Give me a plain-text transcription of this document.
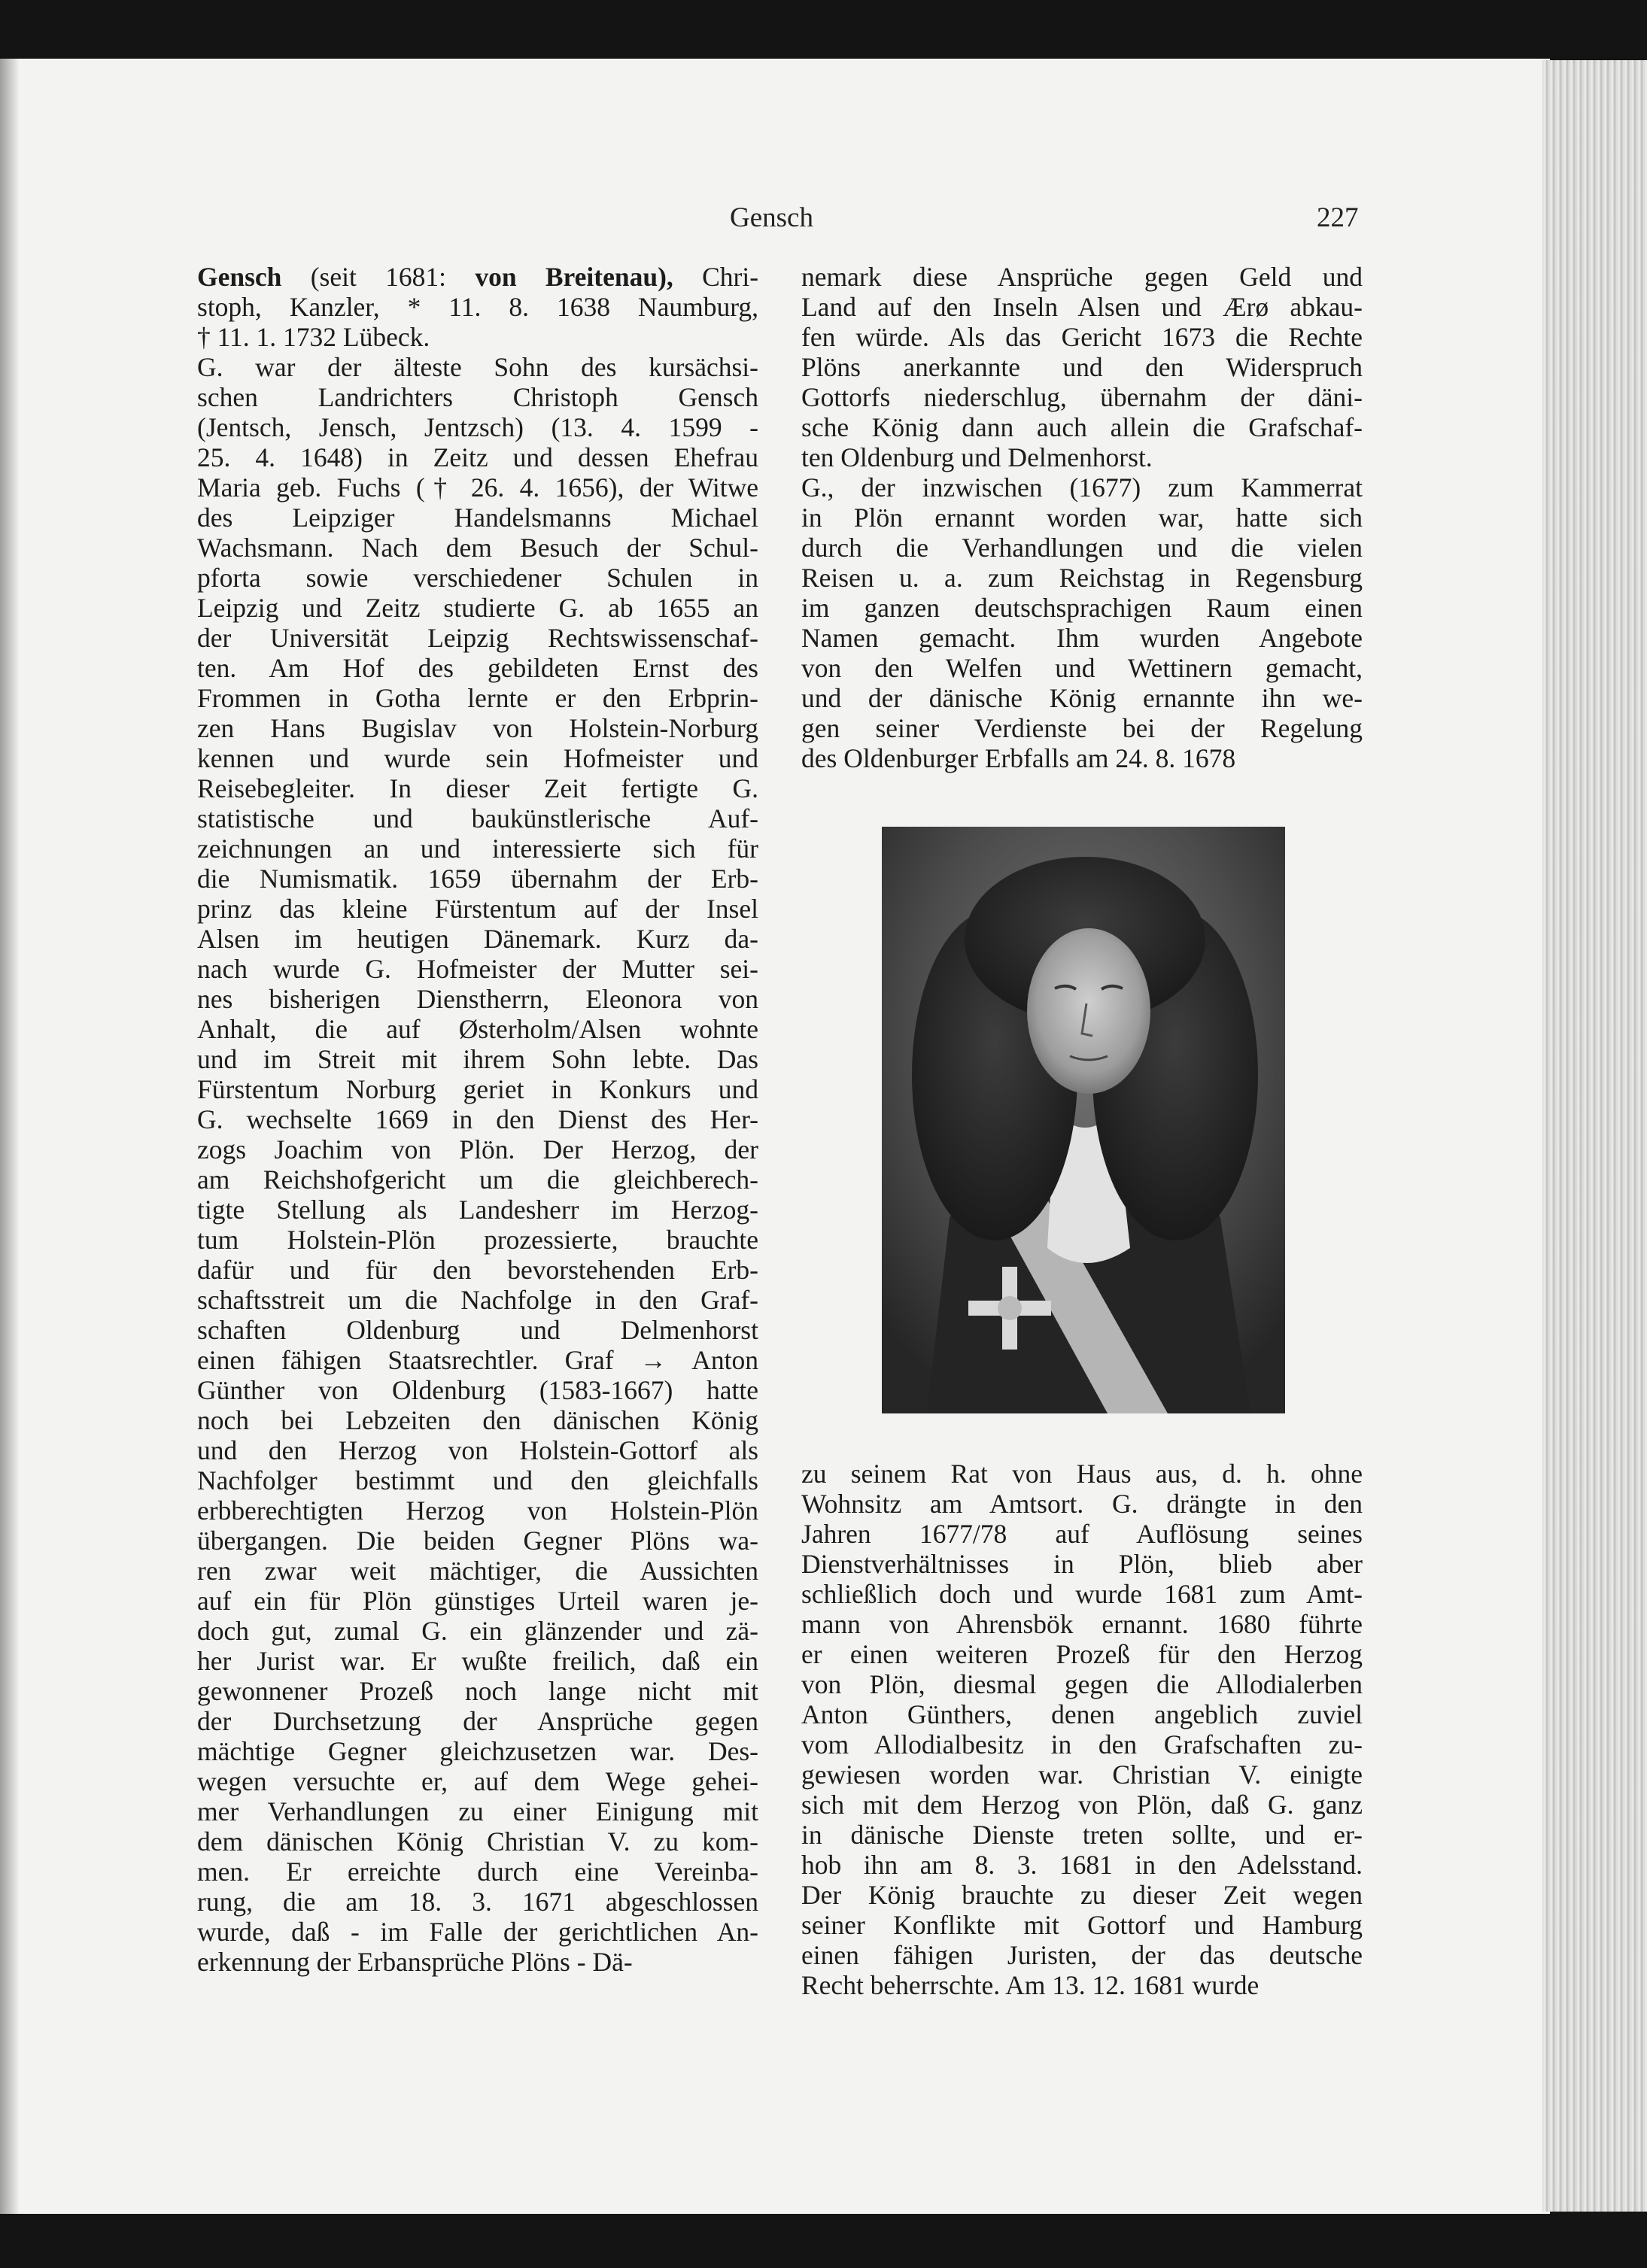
Gensch	227
Gensch (seit 1681: von Breitenau), Chri-
stoph, Kanzler, * 11. 8. 1638 Naumburg,
† 11. 1. 1732 Lübeck.
G. war der älteste Sohn des kursächsi-
schen Landrichters Christoph Gensch
(Jentsch, Jensch, Jentzsch) (13. 4. 1599 -
25. 4. 1648) in Zeitz und dessen Ehefrau
Maria geb. Fuchs († 26. 4. 1656), der Witwe
des Leipziger Handelsmanns Michael
Wachsmann. Nach dem Besuch der Schul-
pforta sowie verschiedener Schulen in
Leipzig und Zeitz studierte G. ab 1655 an
der Universität Leipzig Rechtswissenschaf-
ten. Am Hof des gebildeten Ernst des
Frommen in Gotha lernte er den Erbprin-
zen Hans Bugislav von Holstein-Norburg
kennen und wurde sein Hofmeister und
Reisebegleiter. In dieser Zeit fertigte G.
statistische und baukünstlerische Auf-
zeichnungen an und interessierte sich für
die Numismatik. 1659 übernahm der Erb-
prinz das kleine Fürstentum auf der Insel
Alsen im heutigen Dänemark. Kurz da-
nach wurde G. Hofmeister der Mutter sei-
nes bisherigen Dienstherrn, Eleonora von
Anhalt, die auf Østerholm/Alsen wohnte
und im Streit mit ihrem Sohn lebte. Das
Fürstentum Norburg geriet in Konkurs und
G. wechselte 1669 in den Dienst des Her-
zogs Joachim von Plön. Der Herzog, der
am Reichshofgericht um die gleichberech-
tigte Stellung als Landesherr im Herzog-
tum Holstein-Plön prozessierte, brauchte
dafür und für den bevorstehenden Erb-
schaftsstreit um die Nachfolge in den Graf-
schaften Oldenburg und Delmenhorst
einen fähigen Staatsrechtler. Graf → Anton
Günther von Oldenburg (1583-1667) hatte
noch bei Lebzeiten den dänischen König
und den Herzog von Holstein-Gottorf als
Nachfolger bestimmt und den gleichfalls
erbberechtigten Herzog von Holstein-Plön
übergangen. Die beiden Gegner Plöns wa-
ren zwar weit mächtiger, die Aussichten
auf ein für Plön günstiges Urteil waren je-
doch gut, zumal G. ein glänzender und zä-
her Jurist war. Er wußte freilich, daß ein
gewonnener Prozeß noch lange nicht mit
der Durchsetzung der Ansprüche gegen
mächtige Gegner gleichzusetzen war. Des-
wegen versuchte er, auf dem Wege gehei-
mer Verhandlungen zu einer Einigung mit
dem dänischen König Christian V. zu kom-
men. Er erreichte durch eine Vereinba-
rung, die am 18. 3. 1671 abgeschlossen
wurde, daß - im Falle der gerichtlichen An-
erkennung der Erbansprüche Plöns - Dä-
nemark diese Ansprüche gegen Geld und
Land auf den Inseln Alsen und Ærø abkau-
fen würde. Als das Gericht 1673 die Rechte
Plöns anerkannte und den Widerspruch
Gottorfs niederschlug, übernahm der däni-
sche König dann auch allein die Grafschaf-
ten Oldenburg und Delmenhorst.
G., der inzwischen (1677) zum Kammerrat
in Plön ernannt worden war, hatte sich
durch die Verhandlungen und die vielen
Reisen u. a. zum Reichstag in Regensburg
im ganzen deutschsprachigen Raum einen
Namen gemacht. Ihm wurden Angebote
von den Welfen und Wettinern gemacht,
und der dänische König ernannte ihn we-
gen seiner Verdienste bei der Regelung
des Oldenburger Erbfalls am 24. 8. 1678
zu seinem Rat von Haus aus, d. h. ohne
Wohnsitz am Amtsort. G. drängte in den
Jahren 1677/78 auf Auflösung seines
Dienstverhältnisses in Plön, blieb aber
schließlich doch und wurde 1681 zum Amt-
mann von Ahrensbök ernannt. 1680 führte
er einen weiteren Prozeß für den Herzog
von Plön, diesmal gegen die Allodialerben
Anton Günthers, denen angeblich zuviel
vom Allodialbesitz in den Grafschaften zu-
gewiesen worden war. Christian V. einigte
sich mit dem Herzog von Plön, daß G. ganz
in dänische Dienste treten sollte, und er-
hob ihn am 8. 3. 1681 in den Adelsstand.
Der König brauchte zu dieser Zeit wegen
seiner Konflikte mit Gottorf und Hamburg
einen fähigen Juristen, der das deutsche
Recht beherrschte. Am 13. 12. 1681 wurde
